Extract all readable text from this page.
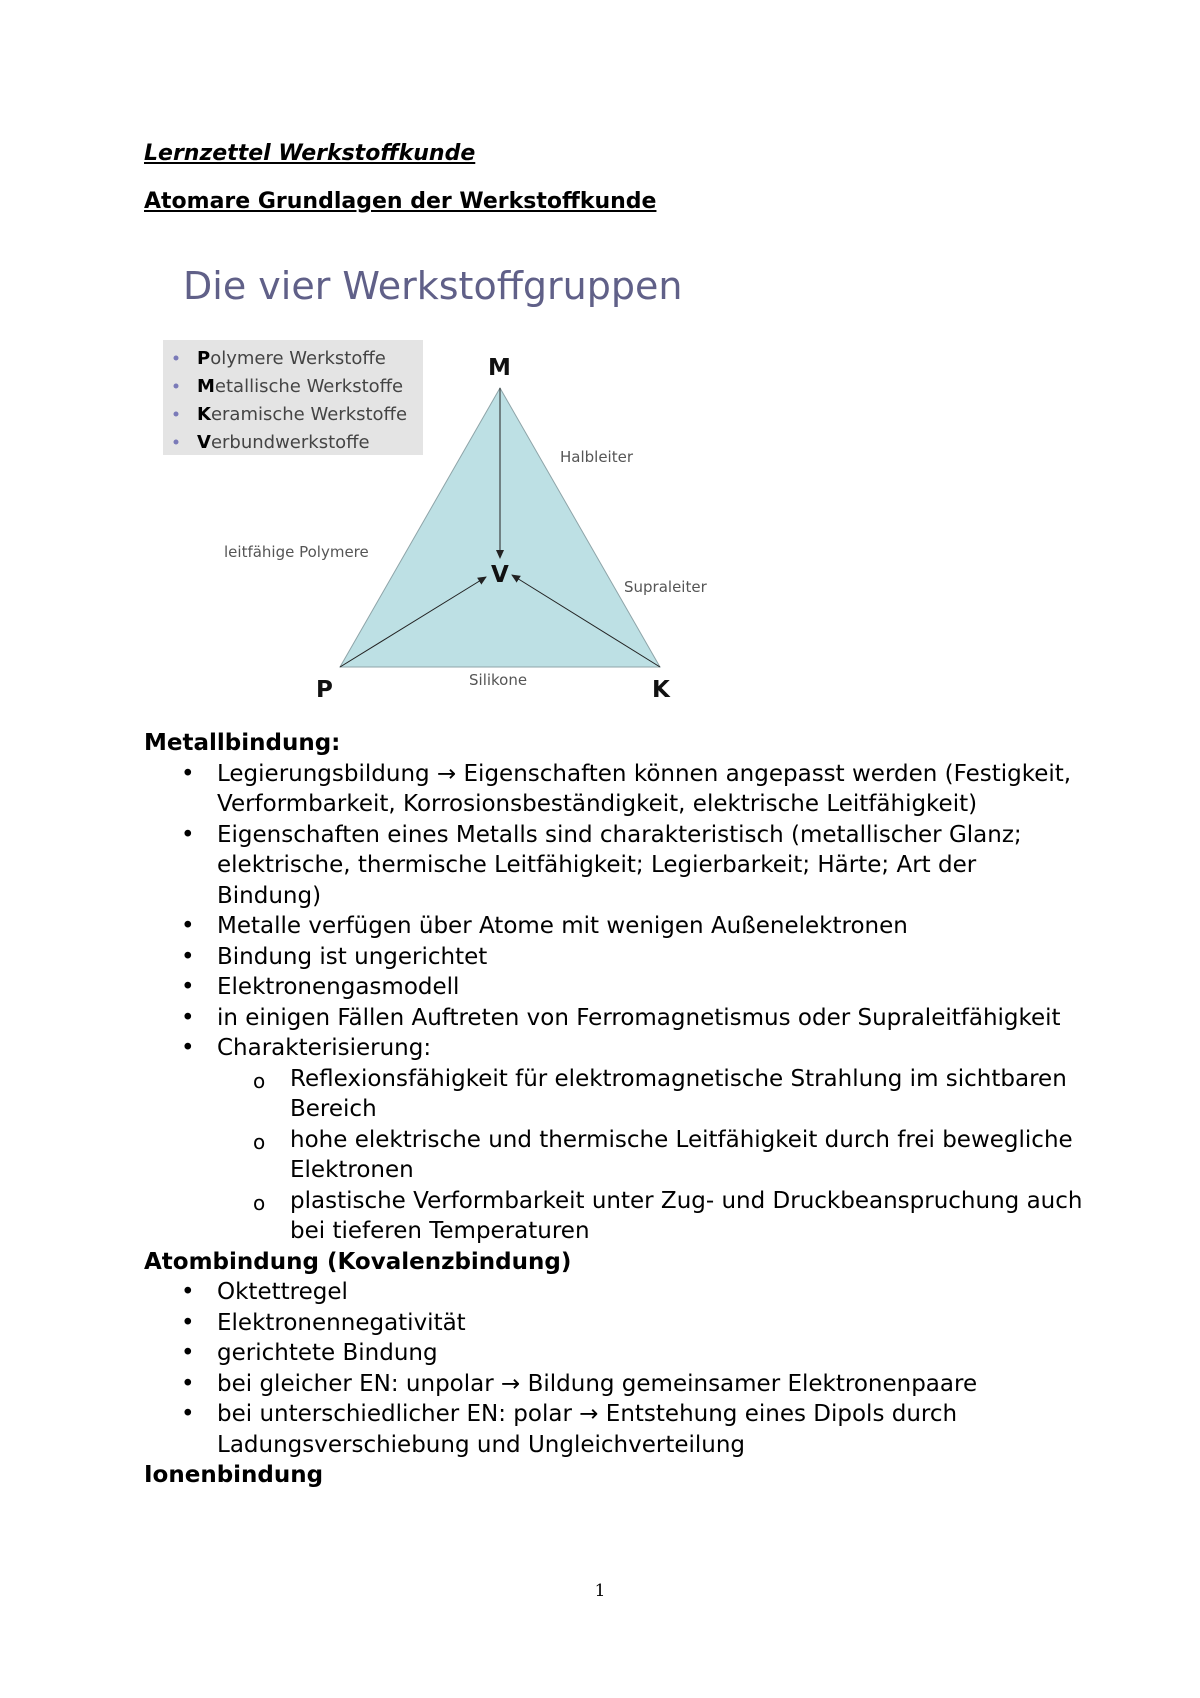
Lernzettel Werkstoffkunde

Atomare Grundlagen der Werkstoffkunde

Die vier Werkstoffgruppen
Polymere Werkstoffe
Metallische Werkstoffe
Keramische Werkstoffe
Verbundwerkstoffe
M
V
P	K
Halbleiter
leitfähige Polymere
Supraleiter
Silikone

Metallbindung:

• Legierungsbildung → Eigenschaften können angepasst werden (Festigkeit, Verformbarkeit, Korrosionsbeständigkeit, elektrische Leitfähigkeit)
• Eigenschaften eines Metalls sind charakteristisch (metallischer Glanz; elektrische, thermische Leitfähigkeit; Legierbarkeit; Härte; Art der Bindung)
• Metalle verfügen über Atome mit wenigen Außenelektronen
• Bindung ist ungerichtet
• Elektronengasmodell
• in einigen Fällen Auftreten von Ferromagnetismus oder Supraleitfähigkeit
• Charakterisierung:
o Reflexionsfähigkeit für elektromagnetische Strahlung im sichtbaren Bereich
o hohe elektrische und thermische Leitfähigkeit durch frei bewegliche Elektronen
o plastische Verformbarkeit unter Zug- und Druckbeanspruchung auch bei tieferen Temperaturen

Atombindung (Kovalenzbindung)

• Oktettregel
• Elektronennegativität
• gerichtete Bindung
• bei gleicher EN: unpolar → Bildung gemeinsamer Elektronenpaare
• bei unterschiedlicher EN: polar → Entstehung eines Dipols durch Ladungsverschiebung und Ungleichverteilung

Ionenbindung

1
